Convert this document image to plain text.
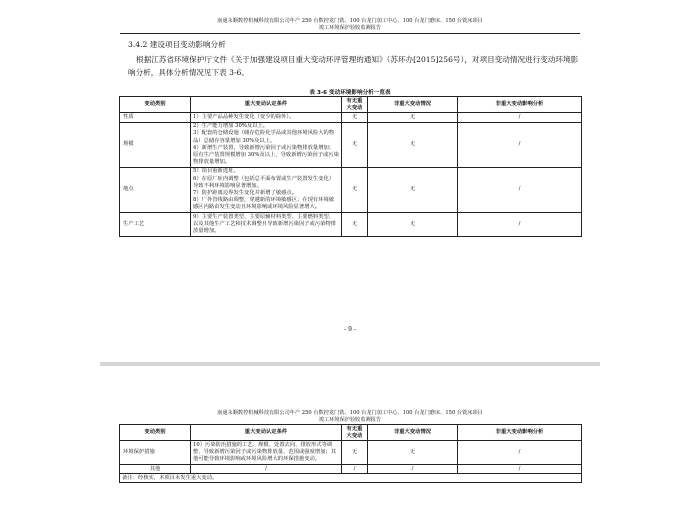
南通永顺数控机械科技有限公司年产 250 台数控龙门铣、100 台龙门加工中心、100 台龙门磨床、150 台铣床项目
竣工环境保护验收监测报告
3.4.2 建设项目变动影响分析
根据江苏省环境保护厅文件《关于加强建设项目重大变动环评管理的通知》（苏环办[2015]256号），对项目变动情况进行变动环境影响分析，具体分析情况见下表 3-6。
表 3-6 变动环境影响分析一览表
变动类别	重大变动认定条件	有无重大变动	非重大变动情况	非重大变动影响分析
性质	1）主要产品品种发生变化（变少的除外）。	无	无	/
规模	2）生产能力增加 30%及以上。
3）配套的仓储设施（储存危险化学品或其他环境风险大的物品）总储存容量增加 30%及以上。
4）新增生产装置，导致新增污染因子或污染物排放量增加；原有生产装置规模增加 30%及以上，导致新增污染因子或污染物排放量增加。	无	无	/
地点	5）项目重新选址。
6）在原厂址内调整（包括总平面布置或生产装置发生变化）导致不利环境影响显著增加。
7）防护距离边界发生变化并新增了敏感点。
8）厂外管线路由调整，穿越新的环境敏感区；在现有环境敏感区内路由发生变动且环境影响或环境风险显著增大。	无	无	/
生产工艺	9）主要生产装置类型、主要原辅材料类型、主要燃料类型、以及其他生产工艺和技术调整且导致新增污染因子或污染物排放量增加。	无	无	/
- 9 -
南通永顺数控机械科技有限公司年产 250 台数控龙门铣、100 台龙门加工中心、100 台龙门磨床、150 台铣床项目
竣工环境保护验收监测报告
变动类别	重大变动认定条件	有无重大变动	非重大变动情况	非重大变动影响分析
环境保护措施	10）污染防治措施的工艺、规模、处置去向、排放形式等调整，导致新增污染因子或污染物排放量、范围或强度增加；其他可能导致环境影响或环境风险增大的环保措施变动。	无	无	/
其他	/	/	/	/
备注：经核实，本项目未发生重大变动。				
